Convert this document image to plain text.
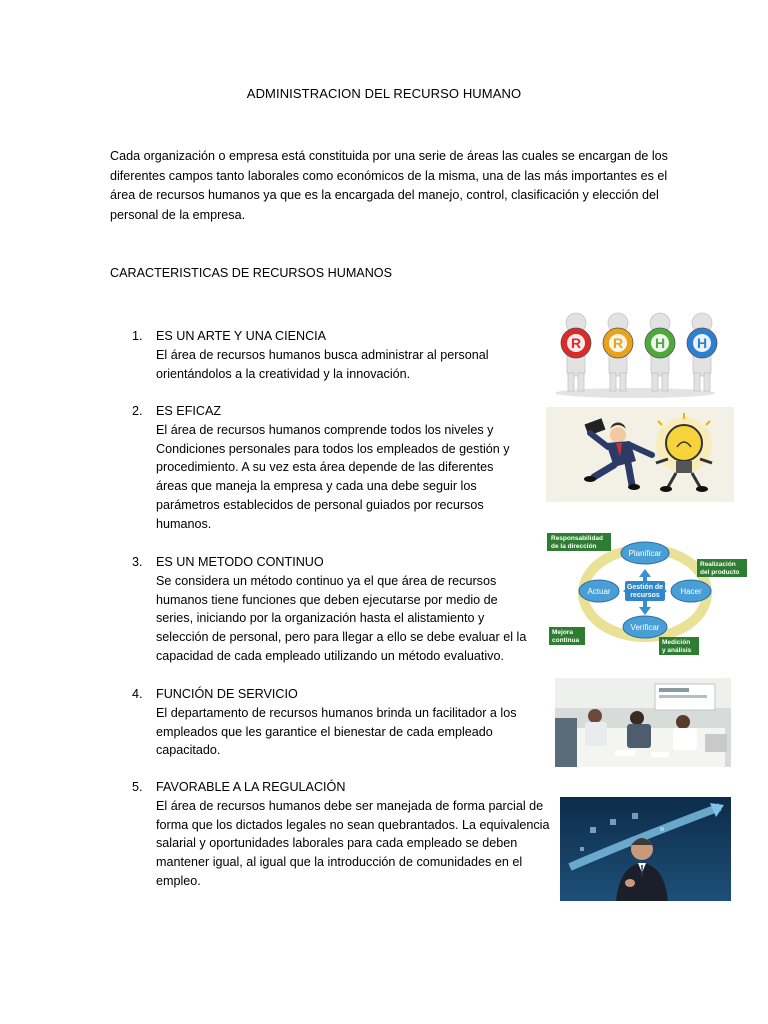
ADMINISTRACION DEL RECURSO HUMANO
Cada organización o empresa está constituida por una serie de áreas las cuales se encargan de los diferentes campos tanto laborales como económicos de la misma, una de las más importantes es el área de recursos humanos ya que es la encargada del manejo, control, clasificación y elección del personal de la empresa.
CARACTERISTICAS DE RECURSOS HUMANOS
1.	ES UN ARTE Y UNA CIENCIA
El área de recursos humanos busca administrar al personal orientándolos a la creatividad y la innovación.
2.	ES EFICAZ
El área de recursos humanos comprende todos los niveles y Condiciones personales para todos los empleados de gestión y procedimiento. A su vez esta área depende de las diferentes áreas que maneja la empresa y cada una debe seguir los parámetros establecidos de personal guiados por recursos humanos.
3.	ES UN METODO CONTINUO
Se considera un método continuo ya el que área de recursos humanos tiene funciones que deben ejecutarse por medio de series, iniciando por la organización hasta el alistamiento y selección de personal, pero para llegar a ello se debe evaluar el la capacidad de cada empleado utilizando un método evaluativo.
4.	FUNCIÓN DE SERVICIO
El departamento de recursos humanos brinda un facilitador a los empleados que les garantice el bienestar de cada empleado capacitado.
5.	FAVORABLE A LA REGULACIÓN
El área de recursos humanos debe ser manejada de forma parcial de forma que los dictados legales no sean quebrantados. La equivalencia salarial y oportunidades laborales para cada empleado se deben mantener igual, al igual que la introducción de comunidades en el empleo.
R R H H
Responsabilidad
de la dirección
Realización
del producto
Mejora
continua	Medición
y análisis
Planificar
Hacer
Verificar
Actuar Gestión de
recursos
